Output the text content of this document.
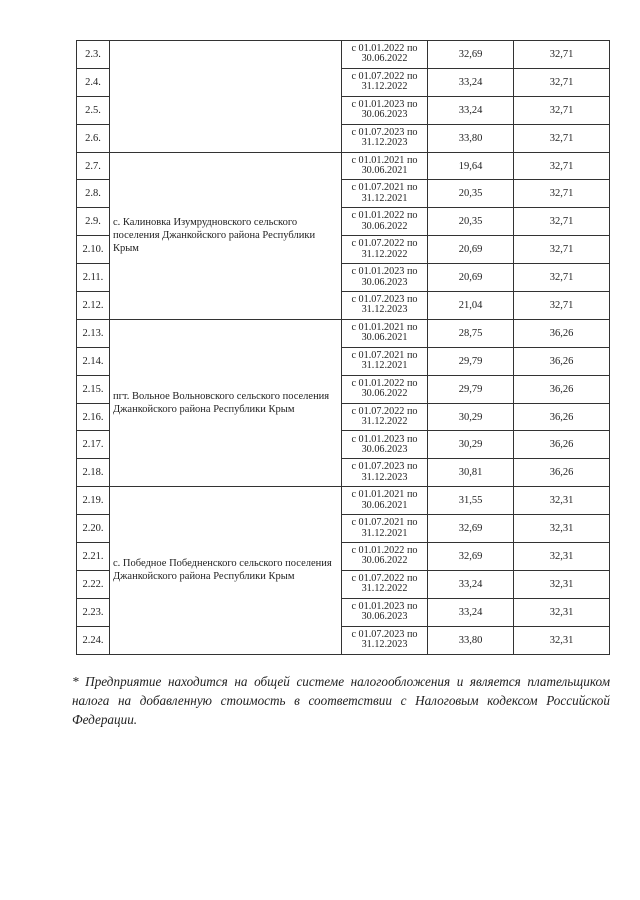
2.3.		с 01.01.2022 по
30.06.2022	32,69	32,71
2.4.		с 01.07.2022 по
31.12.2022	33,24	32,71
2.5.		с 01.01.2023 по
30.06.2023	33,24	32,71
2.6.		с 01.07.2023 по
31.12.2023	33,80	32,71
2.7.	с. Калиновка Изумрудновского сельского поселения Джанкойского района Республики Крым	с 01.01.2021 по
30.06.2021	19,64	32,71
2.8.		с 01.07.2021 по
31.12.2021	20,35	32,71
2.9.		с 01.01.2022 по
30.06.2022	20,35	32,71
2.10.		с 01.07.2022 по
31.12.2022	20,69	32,71
2.11.		с 01.01.2023 по
30.06.2023	20,69	32,71
2.12.		с 01.07.2023 по
31.12.2023	21,04	32,71
2.13.	пгт. Вольное Вольновского сельского поселения Джанкойского района Республики Крым	с 01.01.2021 по
30.06.2021	28,75	36,26
2.14.		с 01.07.2021 по
31.12.2021	29,79	36,26
2.15.		с 01.01.2022 по
30.06.2022	29,79	36,26
2.16.		с 01.07.2022 по
31.12.2022	30,29	36,26
2.17.		с 01.01.2023 по
30.06.2023	30,29	36,26
2.18.		с 01.07.2023 по
31.12.2023	30,81	36,26
2.19.	с. Победное Победненского сельского поселения Джанкойского района Республики Крым	с 01.01.2021 по
30.06.2021	31,55	32,31
2.20.		с 01.07.2021 по
31.12.2021	32,69	32,31
2.21.		с 01.01.2022 по
30.06.2022	32,69	32,31
2.22.		с 01.07.2022 по
31.12.2022	33,24	32,31
2.23.		с 01.01.2023 по
30.06.2023	33,24	32,31
2.24.		с 01.07.2023 по
31.12.2023	33,80	32,31
* Предприятие находится на общей системе налогообложения и является плательщиком налога на добавленную стоимость в соответствии с Налоговым кодексом Российской Федерации.
